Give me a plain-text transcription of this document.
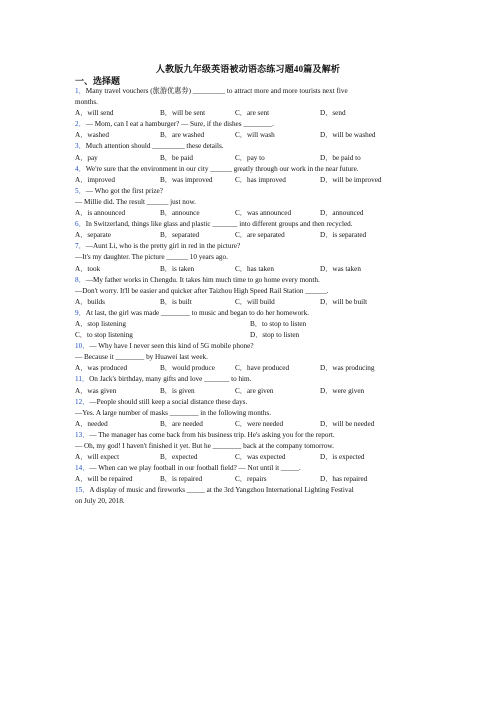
人教版九年级英语被动语态练习题40篇及解析
一、选择题
1．Many travel vouchers (旅游优惠券) _________ to attract more and more tourists next five
months.
A．will send	B．will be sent	C．are sent	D．send
2．— Mom, can I eat a hamburger? — Sure, if the dishes ________.
A．washed	B．are washed	C．will wash	D．will be washed
3．Much attention should _________ these details.
A．pay	B．be paid	C．pay to	D．be paid to
4．We're sure that the environment in our city ______ greatly through our work in the near future.
A．improved	B．was improved	C．has improved	D．will be improved
5．— Who got the first prize?
— Millie did. The result ______ just now.
A．is announced	B．announce	C．was announced	D．announced
6．In Switzerland, things like glass and plastic _______ into different groups and then recycled.
A．separate	B．separated	C．are separated	D．is separated
7．—Aunt Li, who is the pretty girl in red in the picture?
—It's my daughter. The picture ______ 10 years ago.
A．took	B．is taken	C．has taken	D．was taken
8．—My father works in Chengdu. It takes him much time to go home every month.
—Don't worry. It'll be easier and quicker after Taizhou High Speed Rail Station ______.
A．builds	B．is built	C．will build	D．will be built
9．At last, the girl was made ________ to music and began to do her homework.
A．stop listening	B．to stop to listen
C．to stop listening	D．stop to listen
10．— Why have I never seen this kind of 5G mobile phone?
— Because it ________ by Huawei last week.
A．was produced	B．would produce	C．have produced	D．was producing
11．On Jack's birthday, many gifts and love _______ to him.
A．was given	B．is given	C．are given	D．were given
12．—People should still keep a social distance these days.
—Yes. A large number of masks ________ in the following months.
A．needed	B．are needed	C．were needed	D．will be needed
13．— The manager has come back from his business trip. He's asking you for the report.
— Oh, my god! I haven't finished it yet. But he ________ back at the company tomorrow.
A．will expect	B．expected	C．was expected	D．is expected
14．— When can we play football in our football field? — Not until it _____.
A．will be repaired	B．is repaired	C．repairs	D．has repaired
15．A display of music and fireworks _____ at the 3rd Yangzhou International Lighting Festival
on July 20, 2018.
